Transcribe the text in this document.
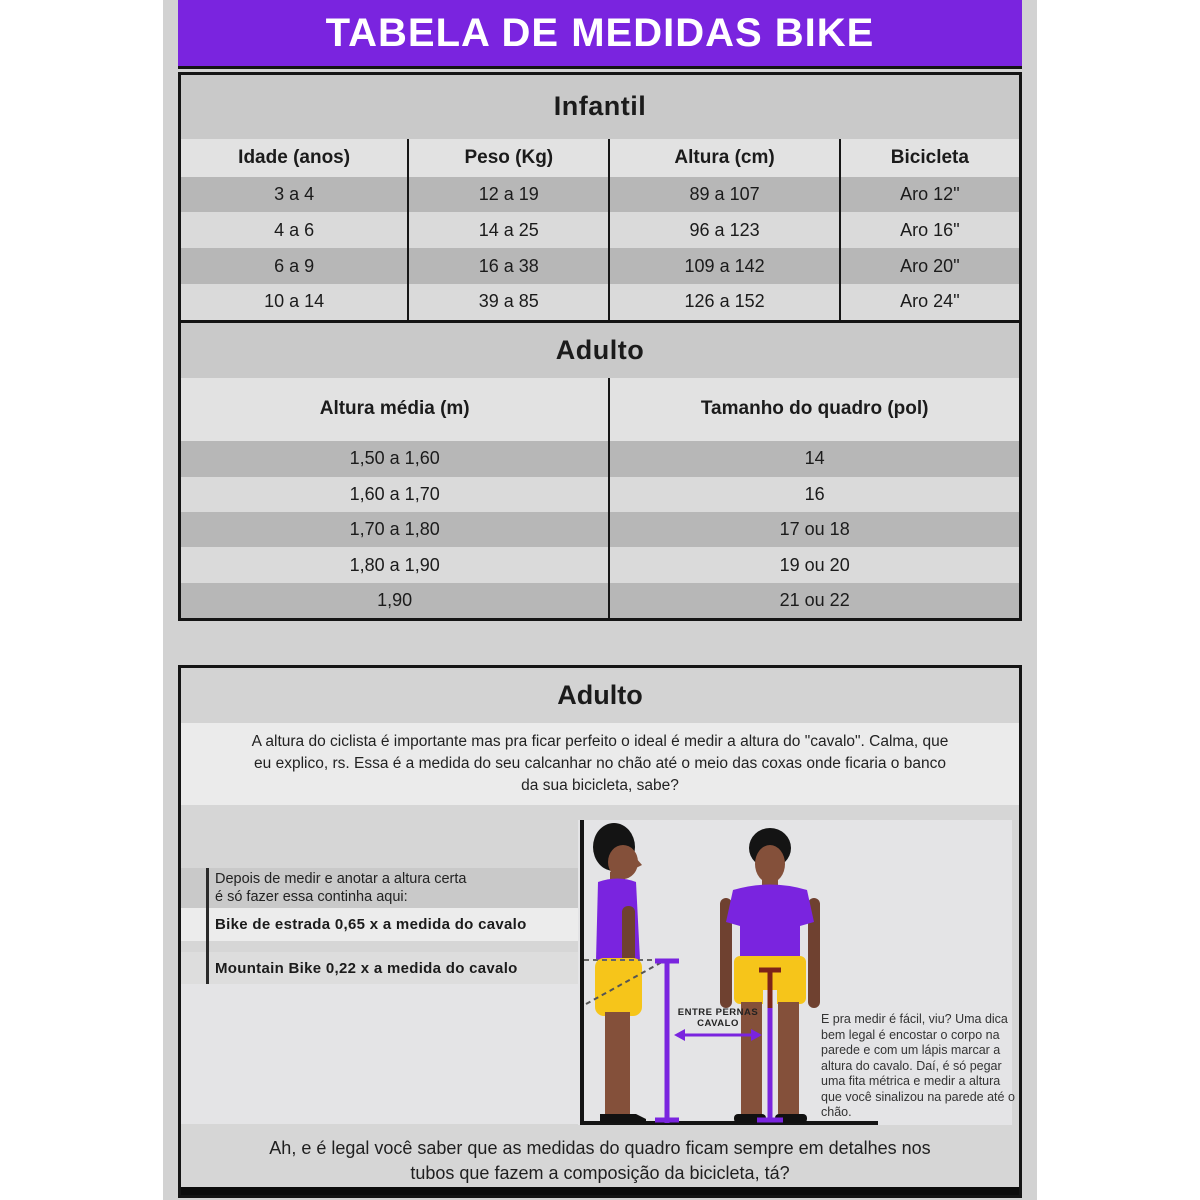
TABELA DE MEDIDAS BIKE
Infantil
Idade (anos)	Peso (Kg)	Altura (cm)	Bicicleta
3 a 4	12 a 19	89 a 107	Aro 12"
4 a 6	14 a 25	96 a 123	Aro 16"
6 a 9	16 a 38	109 a 142	Aro 20"
10 a 14	39 a 85	126 a 152	Aro 24"
Adulto
Altura média (m)	Tamanho do quadro (pol)
1,50 a 1,60	14
1,60 a 1,70	16
1,70 a 1,80	17 ou 18
1,80 a 1,90	19 ou 20
1,90	21 ou 22
Adulto

A altura do ciclista é importante mas pra ficar perfeito o ideal é medir a altura do "cavalo". Calma, que eu explico, rs. Essa é a medida do seu calcanhar no chão até o meio das coxas onde ficaria o banco da sua bicicleta, sabe?

Depois de medir e anotar a altura certa é só fazer essa continha aqui:

Bike de estrada 0,65 x a medida do cavalo
Mountain Bike 0,22 x a medida do cavalo
ENTRE PERNAS
CAVALO	E pra medir é fácil, viu? Uma dica bem legal é encostar o corpo na parede e com um lápis marcar a altura do cavalo. Daí, é só pegar uma fita métrica e medir a altura que você sinalizou na parede até o chão.

Ah, e é legal você saber que as medidas do quadro ficam sempre em detalhes nos tubos que fazem a composição da bicicleta, tá?
